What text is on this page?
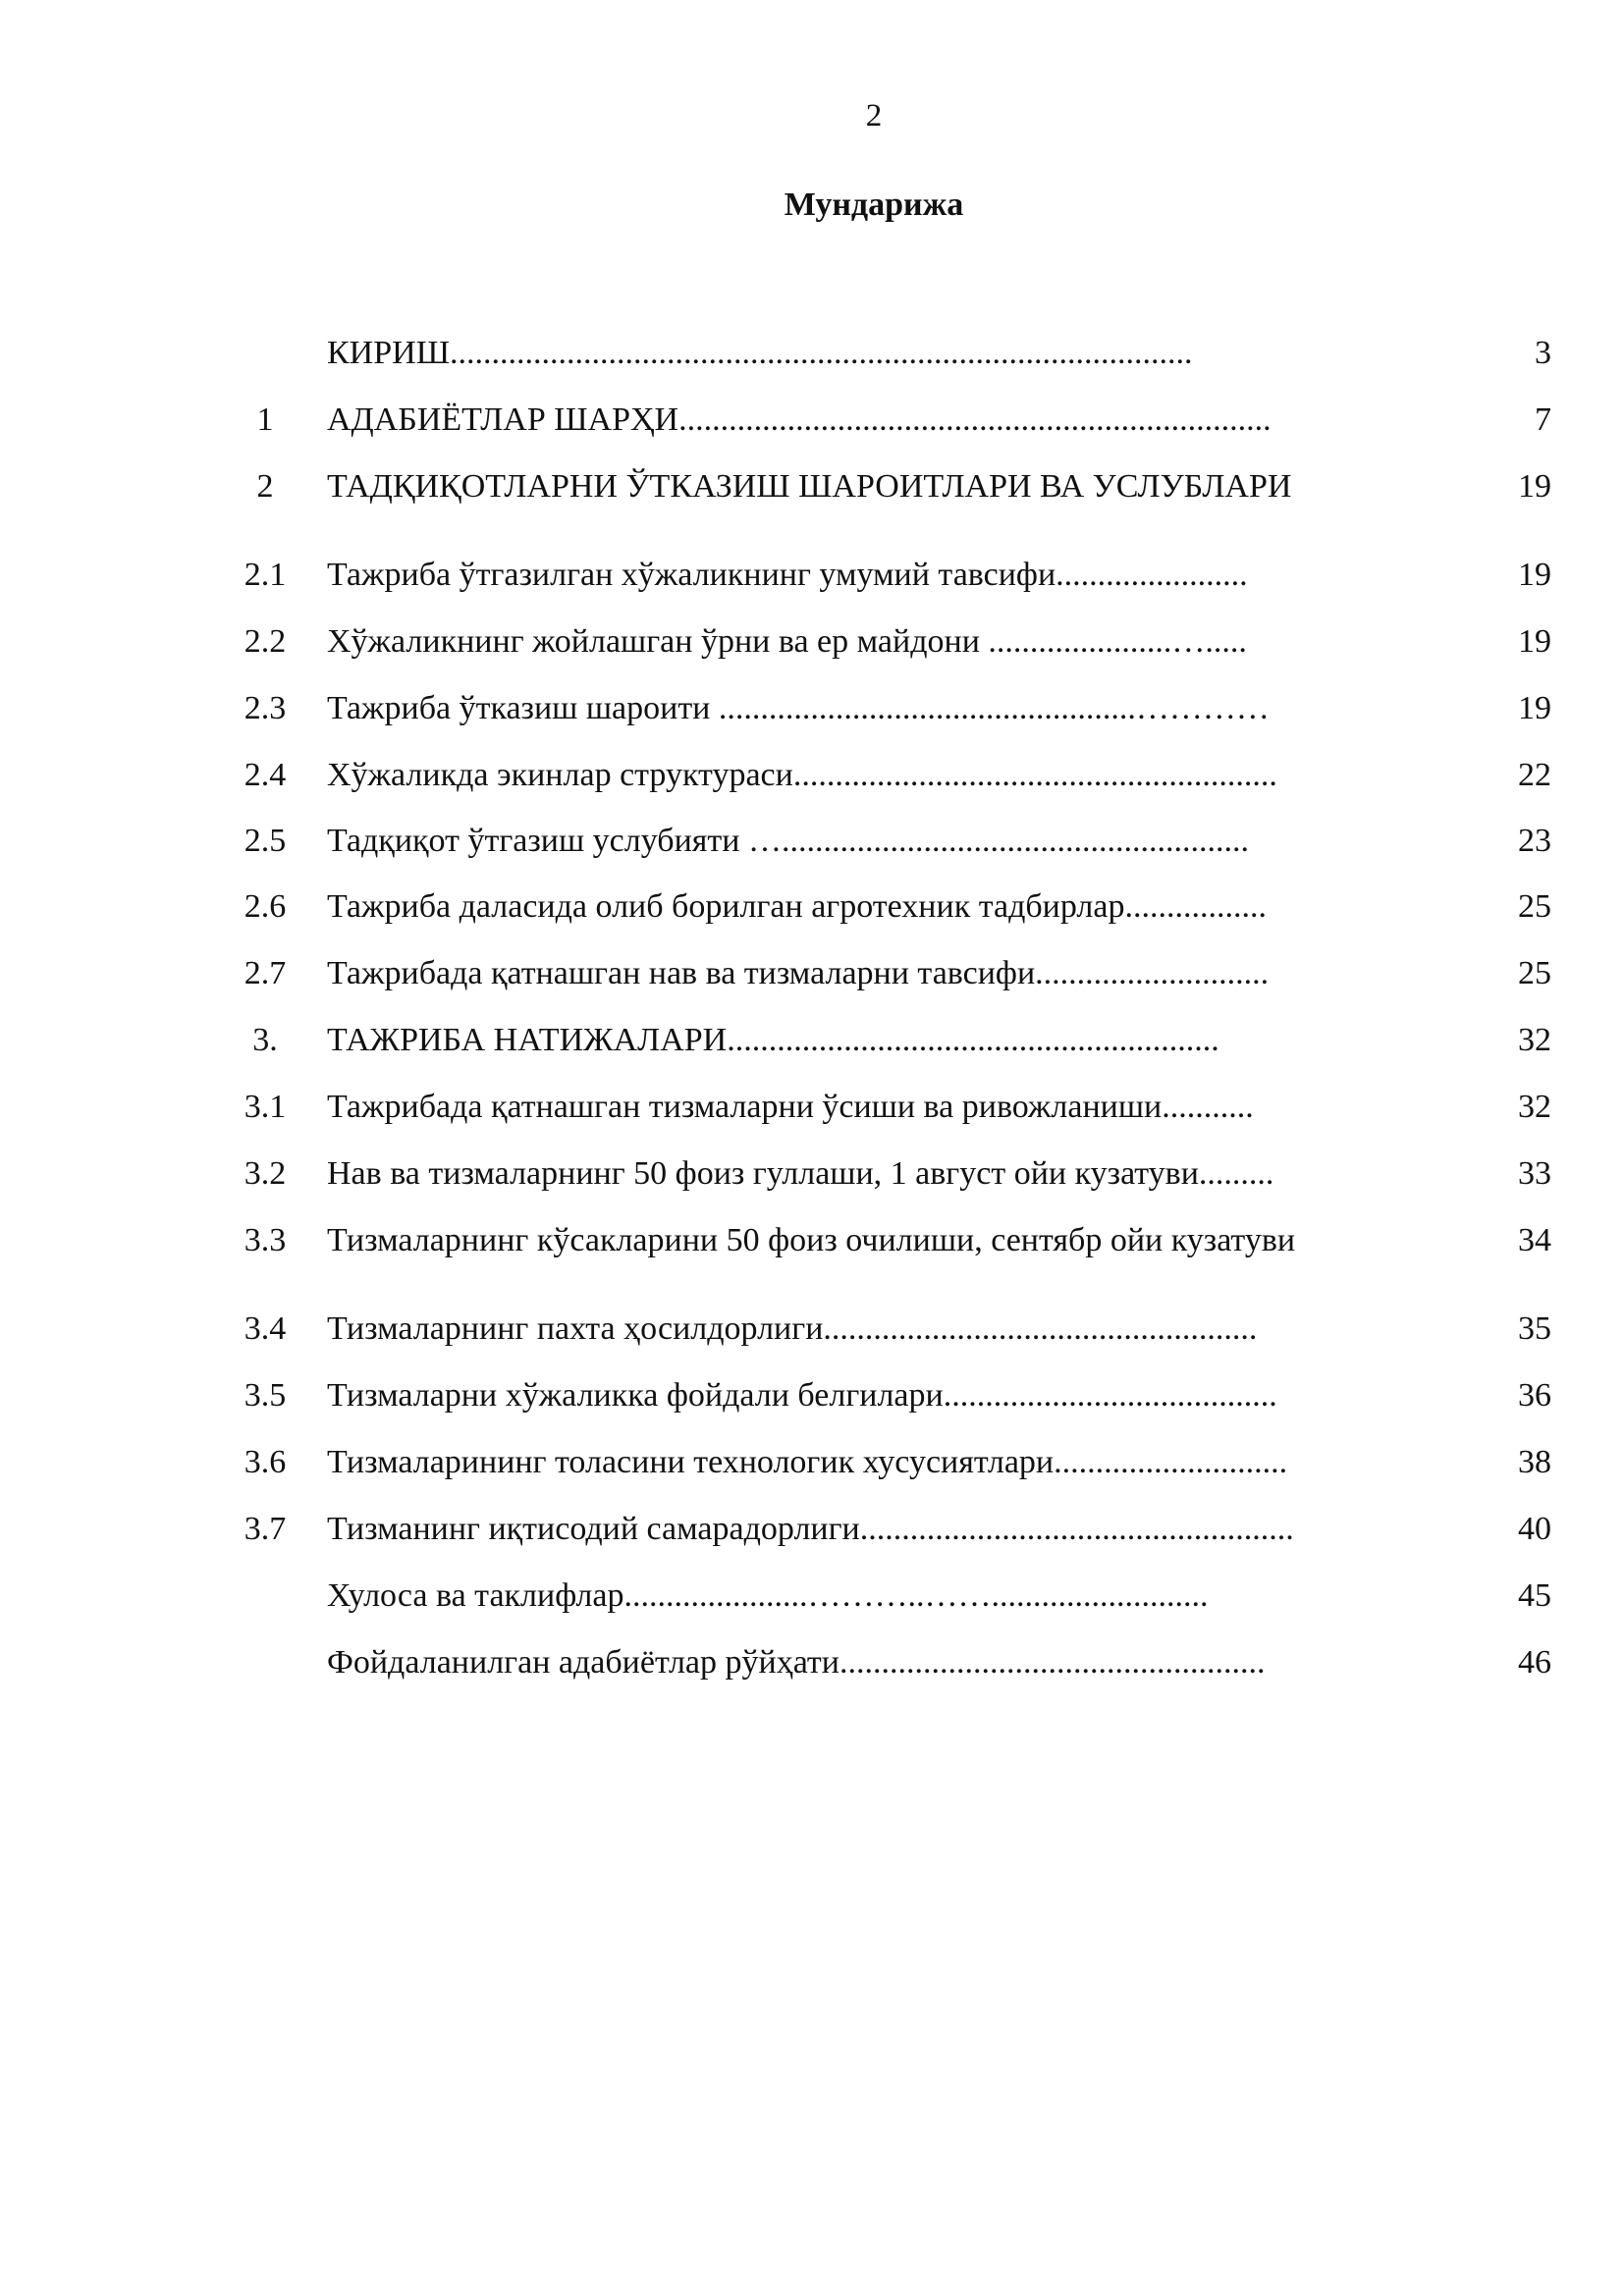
2
Мундарижа
КИРИШ.........................................................................................	3
1	АДАБИЁТЛАР ШАРҲИ.......................................................................	7
2	ТАДҚИҚОТЛАРНИ ЎТКАЗИШ ШАРОИТЛАРИ ВА УСЛУБЛАРИ	19
2.1	Тажриба ўтгазилган хўжаликнинг умумий тавсифи.......................	19
2.2	Хўжаликнинг жойлашган ўрни ва ер майдони ......................….....	19
2.3	Тажриба ўтказиш шароити ..................................................…………	19
2.4	Хўжаликда экинлар структураси..........................................................	22
2.5	Тадқиқот ўтгазиш услубияти …........................................................	23
2.6	Тажриба даласида олиб борилган агротехник тадбирлар.................	25
2.7	Тажрибада қатнашган нав ва тизмаларни тавсифи............................	25
3.	ТАЖРИБА НАТИЖАЛАРИ...........................................................	32
3.1	Тажрибада қатнашган тизмаларни ўсиши ва ривожланиши...........	32
3.2	Нав ва тизмаларнинг 50 фоиз гуллаши, 1 август ойи кузатуви.........	33
3.3	Тизмаларнинг кўсакларини 50 фоиз очилиши, сентябр ойи кузатуви	34
3.4	Тизмаларнинг пахта ҳосилдорлиги....................................................	35
3.5	Тизмаларни хўжаликка фойдали белгилари........................................	36
3.6	Тизмаларининг толасини технологик хусусиятлари............................	38
3.7	Тизманинг иқтисодий самарадорлиги....................................................	40
Хулоса ва таклифлар......................………..……..........................	45
Фойдаланилган адабиётлар рўйҳати...................................................	46
